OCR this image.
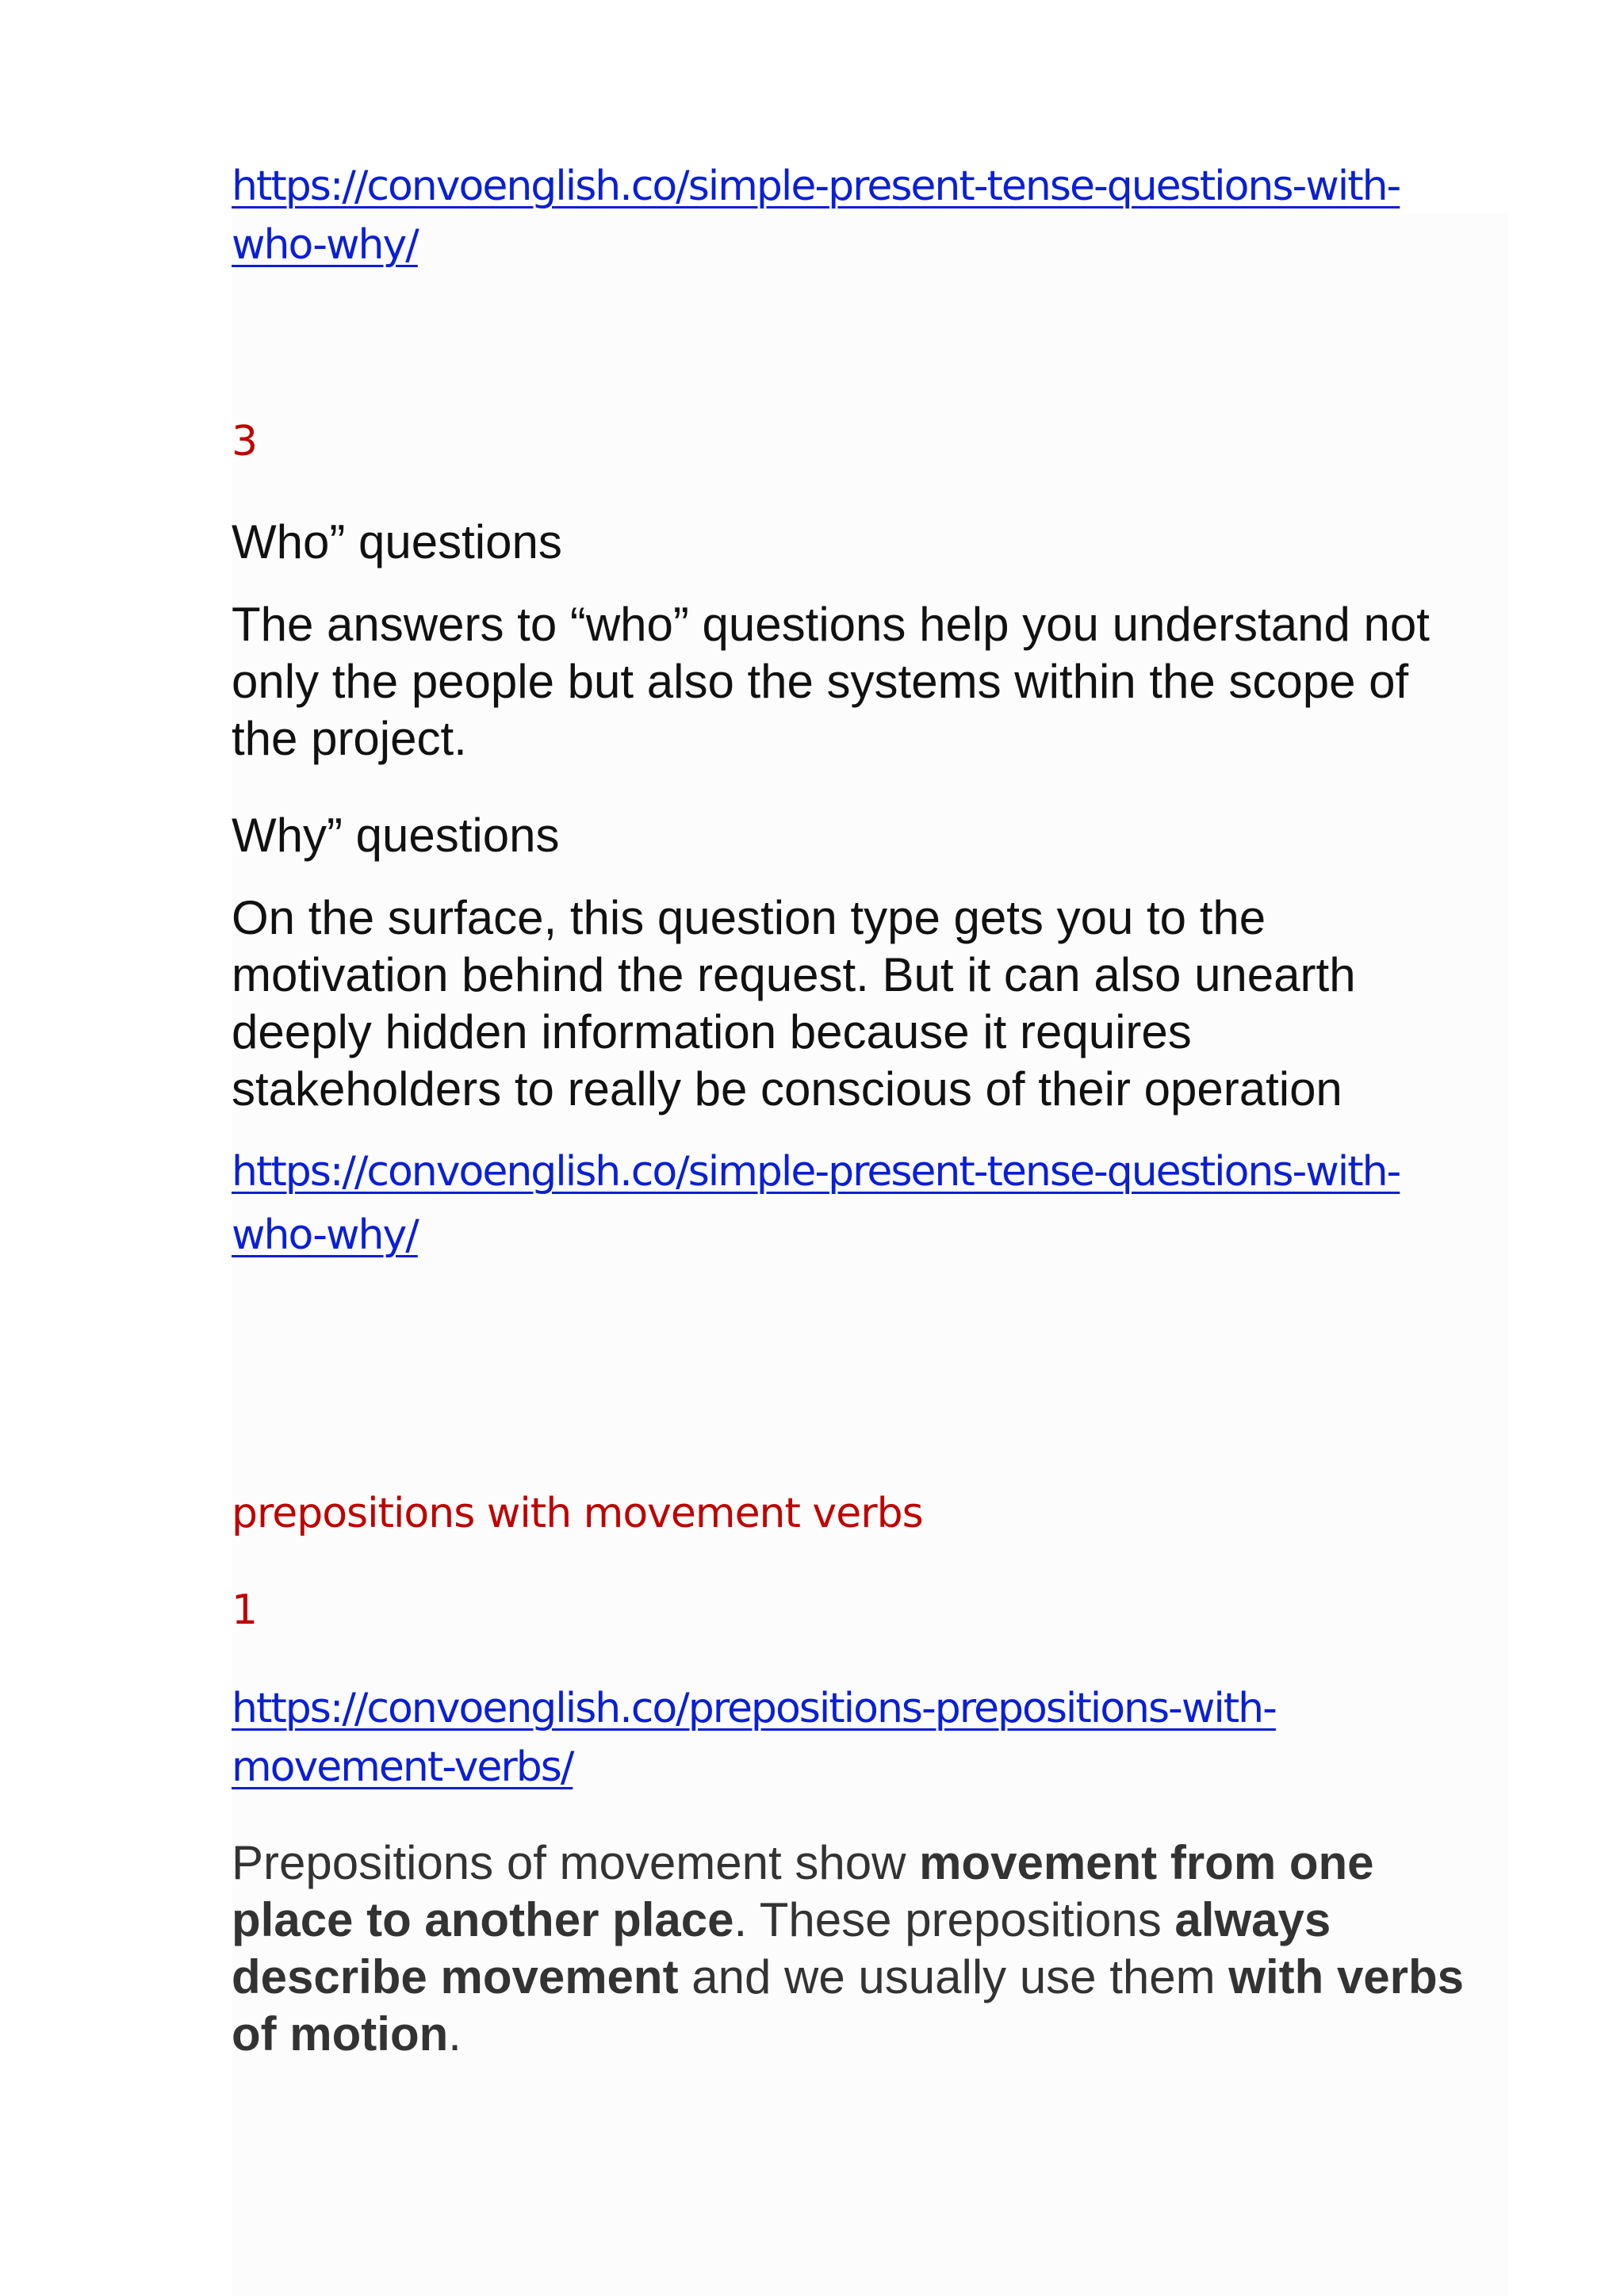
https://convoenglish.co/simple-present-tense-questions-with-
who-why/
3
Who” questions
The answers to “who” questions help you understand not
only the people but also the systems within the scope of
the project.
Why” questions
On the surface, this question type gets you to the
motivation behind the request. But it can also unearth
deeply hidden information because it requires
stakeholders to really be conscious of their operation
https://convoenglish.co/simple-present-tense-questions-with-
who-why/
prepositions with movement verbs
1
https://convoenglish.co/prepositions-prepositions-with-
movement-verbs/
Prepositions of movement show movement from one
place to another place. These prepositions always
describe movement and we usually use them with verbs
of motion.
